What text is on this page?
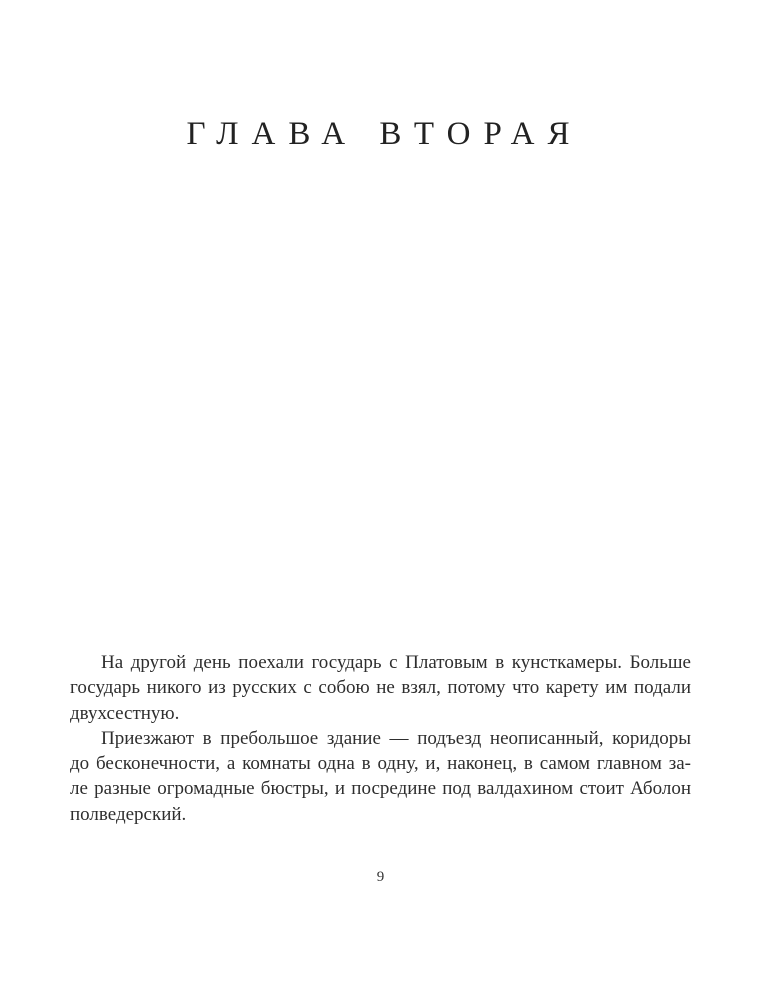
ГЛАВА ВТОРАЯ
На другой день поехали государь с Платовым в кунсткамеры. Больше
государь никого из русских с собою не взял, потому что карету им подали
двухсестную.
Приезжают в пребольшое здание — подъезд неописанный, коридоры
до бесконечности, а комнаты одна в одну, и, наконец, в самом главном за-
ле разные огромадные бюстры, и посредине под валдахином стоит Аболон
полведерский.
9
